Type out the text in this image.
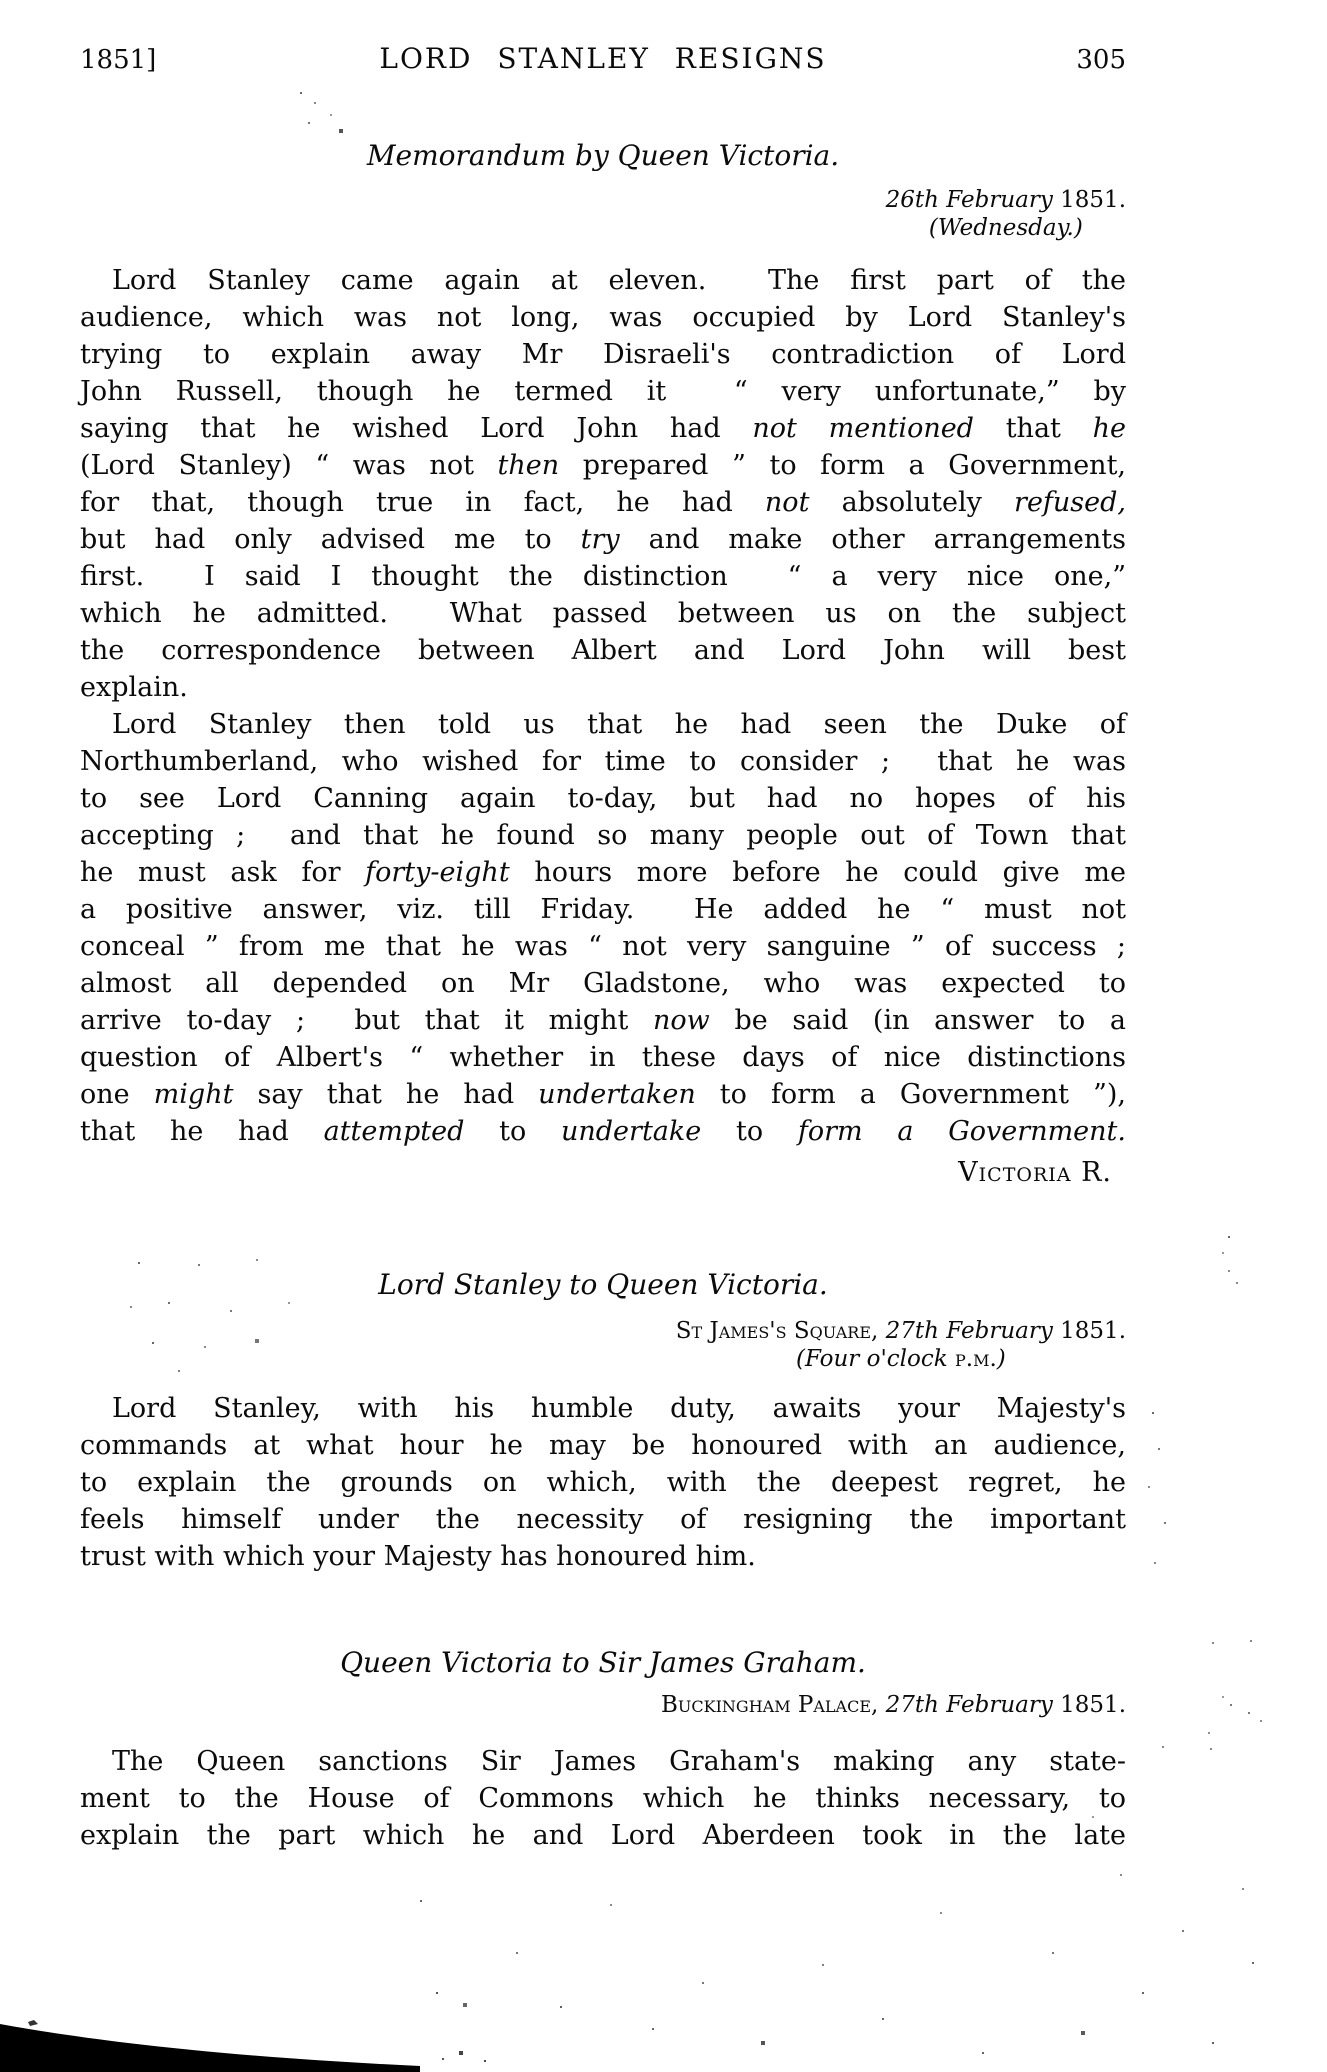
1851]	LORD STANLEY RESIGNS	305
Memorandum by Queen Victoria.
26th February 1851.
(Wednesday.)
Lord Stanley came again at eleven.  The first part of the
audience, which was not long, was occupied by Lord Stanley's
trying to explain away Mr Disraeli's contradiction of Lord
John Russell, though he termed it  “ very unfortunate,” by
saying that he wished Lord John had not mentioned that he
(Lord Stanley) “ was not then prepared ” to form a Government,
for that, though true in fact, he had not absolutely refused,
but had only advised me to try and make other arrangements
first.  I said I thought the distinction  “ a very nice one,”
which he admitted.  What passed between us on the subject
the correspondence between Albert and Lord John will best
explain.
Lord Stanley then told us that he had seen the Duke of
Northumberland, who wished for time to consider ;  that he was
to see Lord Canning again to-day, but had no hopes of his
accepting ;  and that he found so many people out of Town that
he must ask for forty-eight hours more before he could give me
a positive answer, viz. till Friday.  He added he “ must not
conceal ” from me that he was “ not very sanguine ” of success ;
almost all depended on Mr Gladstone, who was expected to
arrive to-day ;  but that it might now be said (in answer to a
question of Albert's “ whether in these days of nice distinctions
one might say that he had undertaken to form a Government ”),
that he had attempted to undertake to form a Government.
Victoria R.
Lord Stanley to Queen Victoria.
St James's Square, 27th February 1851.
(Four o'clock p.m.)
Lord Stanley, with his humble duty, awaits your Majesty's
commands at what hour he may be honoured with an audience,
to explain the grounds on which, with the deepest regret, he
feels himself under the necessity of resigning the important
trust with which your Majesty has honoured him.
Queen Victoria to Sir James Graham.
Buckingham Palace, 27th February 1851.
The Queen sanctions Sir James Graham's making any state-
ment to the House of Commons which he thinks necessary, to
explain the part which he and Lord Aberdeen took in the late
